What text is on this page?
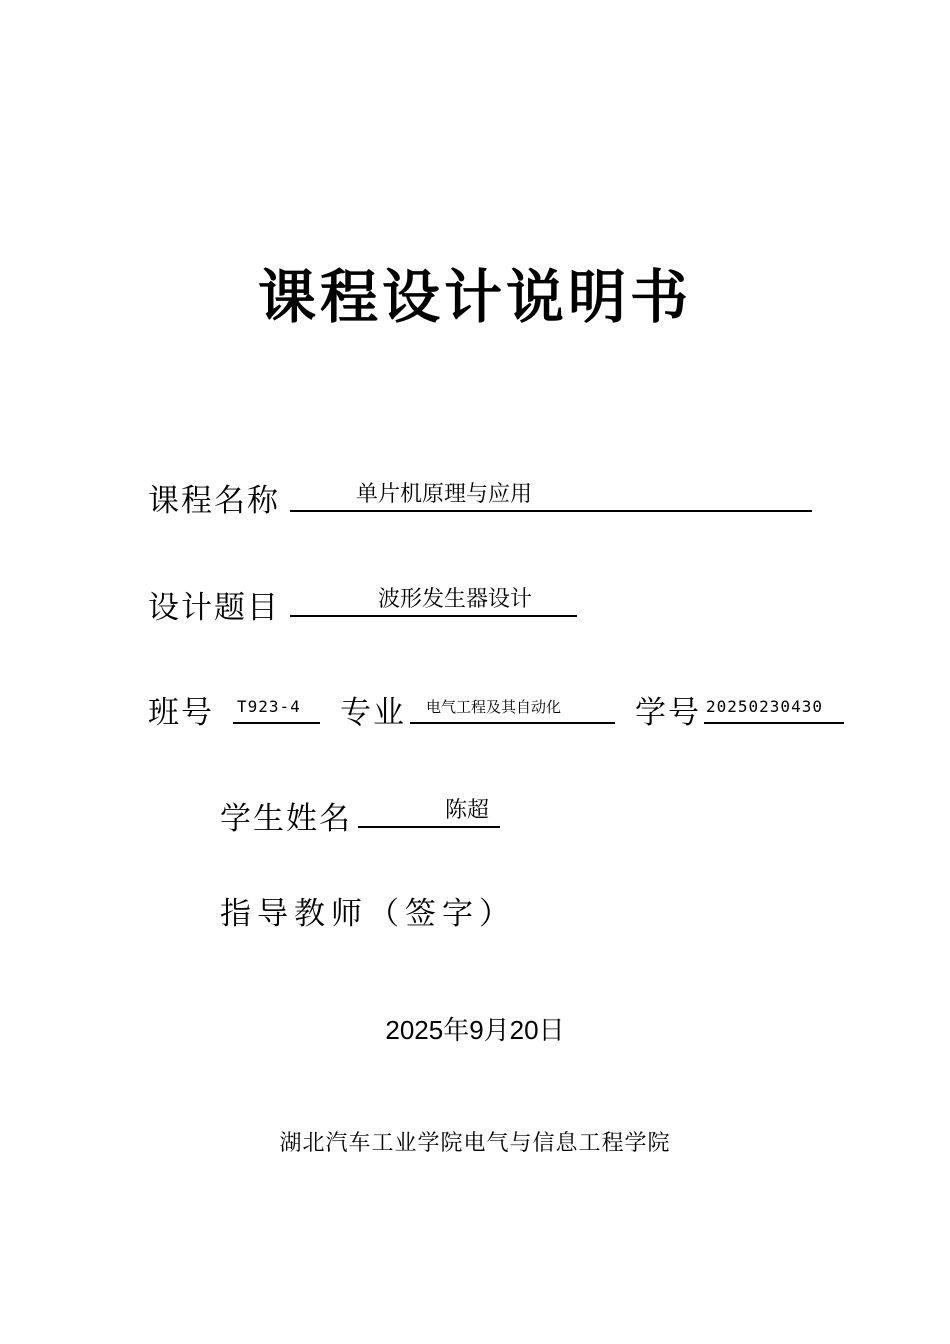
课程设计说明书
课程名称	单片机原理与应用
设计题目	波形发生器设计
班号 T923-4	专业	电气工程及其自动化	学号 20250230430
学生姓名	陈超
指导教师（签字）
2025年9月20日
湖北汽车工业学院电气与信息工程学院
